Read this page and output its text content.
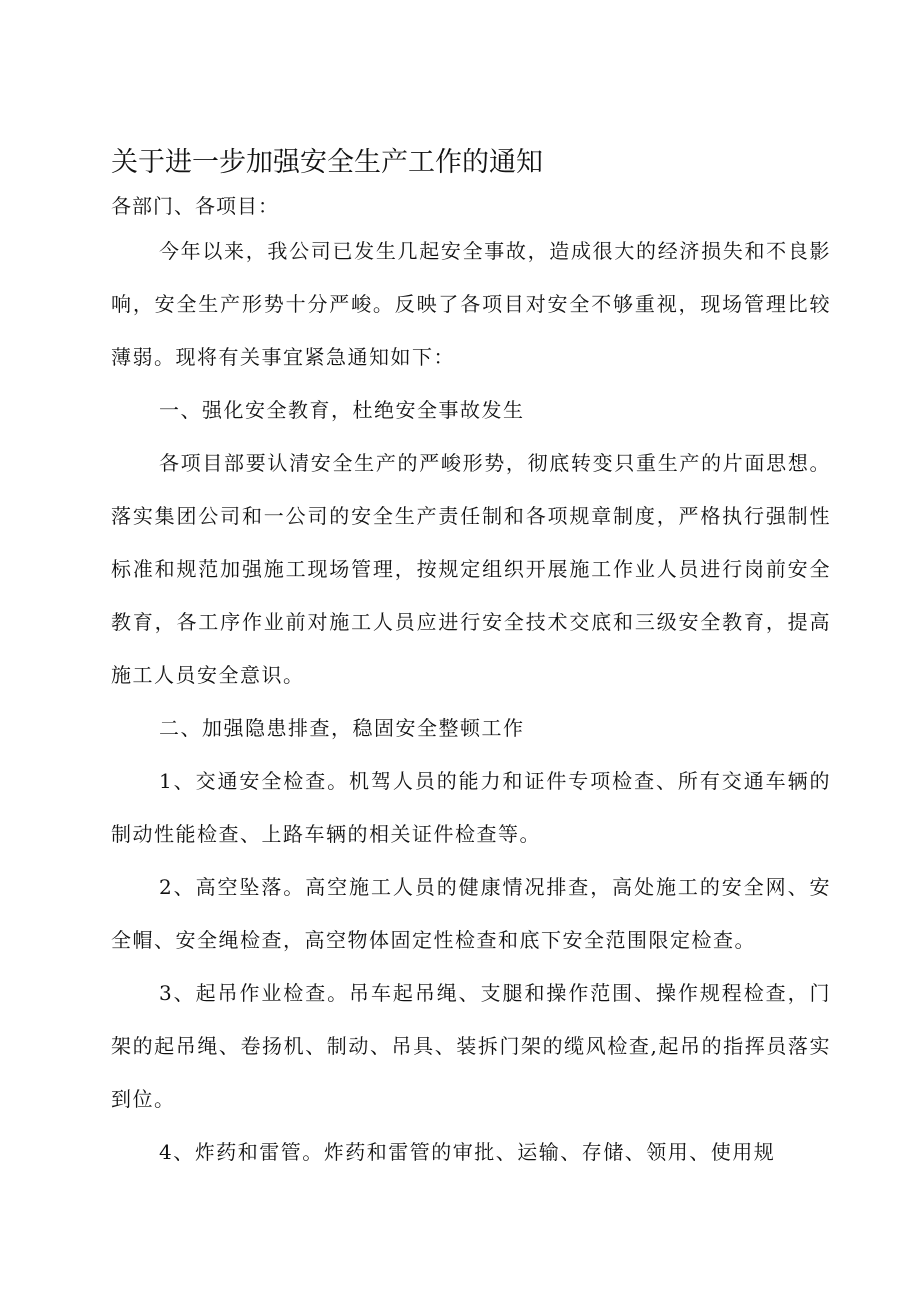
关于进一步加强安全生产工作的通知
各部门、各项目：

今年以来，我公司已发生几起安全事故，造成很大的经济损失和不良影响，安全生产形势十分严峻。反映了各项目对安全不够重视，现场管理比较薄弱。现将有关事宜紧急通知如下：

一、强化安全教育，杜绝安全事故发生

各项目部要认清安全生产的严峻形势，彻底转变只重生产的片面思想。落实集团公司和一公司的安全生产责任制和各项规章制度，严格执行强制性标准和规范加强施工现场管理，按规定组织开展施工作业人员进行岗前安全教育，各工序作业前对施工人员应进行安全技术交底和三级安全教育，提高施工人员安全意识。

二、加强隐患排查，稳固安全整顿工作

1、交通安全检查。机驾人员的能力和证件专项检查、所有交通车辆的制动性能检查、上路车辆的相关证件检查等。

2、高空坠落。高空施工人员的健康情况排查，高处施工的安全网、安全帽、安全绳检查，高空物体固定性检查和底下安全范围限定检查。

3、起吊作业检查。吊车起吊绳、支腿和操作范围、操作规程检查，门架的起吊绳、卷扬机、制动、吊具、装拆门架的缆风检查,起吊的指挥员落实到位。

4、炸药和雷管。炸药和雷管的审批、运输、存储、领用、使用规
